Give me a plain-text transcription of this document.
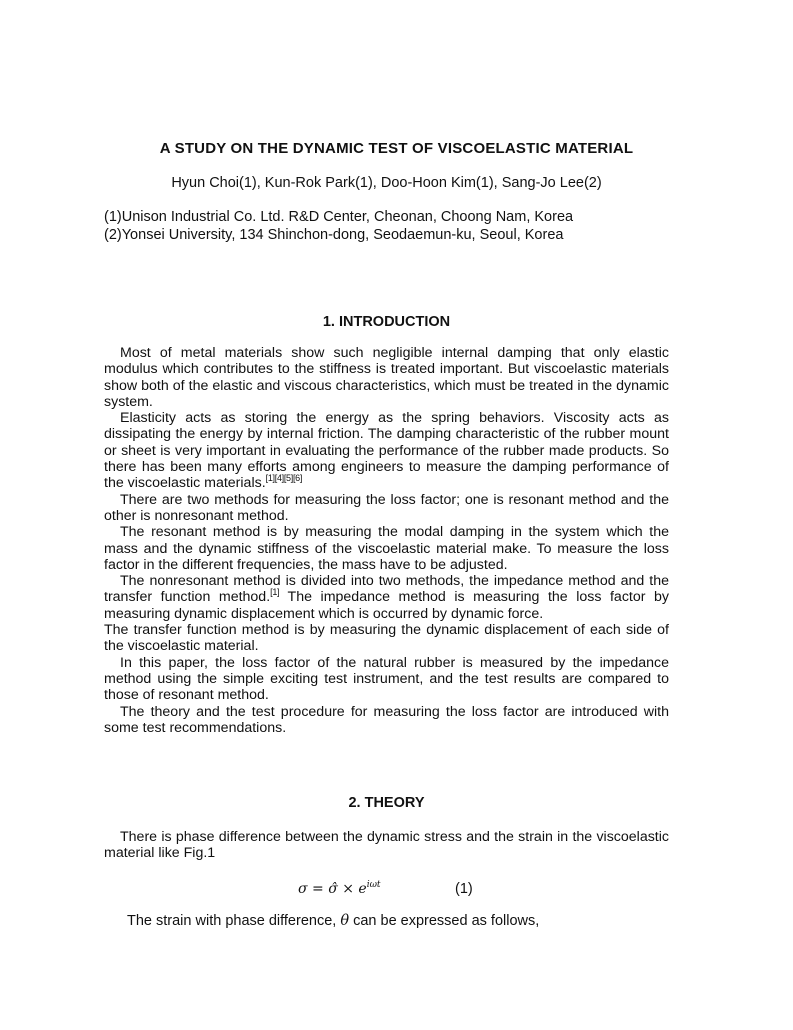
A STUDY ON THE DYNAMIC TEST OF VISCOELASTIC MATERIAL
Hyun Choi(1), Kun-Rok Park(1), Doo-Hoon Kim(1), Sang-Jo Lee(2)
(1)Unison Industrial Co. Ltd. R&D Center, Cheonan, Choong Nam, Korea
(2)Yonsei University, 134 Shinchon-dong, Seodaemun-ku, Seoul, Korea
1. INTRODUCTION

Most of metal materials show such negligible internal damping that only elastic modulus which contributes to the stiffness is treated important. But viscoelastic materials show both of the elastic and viscous characteristics, which must be treated in the dynamic system.

Elasticity acts as storing the energy as the spring behaviors. Viscosity acts as dissipating the energy by internal friction. The damping characteristic of the rubber mount or sheet is very important in evaluating the performance of the rubber made products. So there has been many efforts among engineers to measure the damping performance of the viscoelastic materials.[1][4][5][6]

There are two methods for measuring the loss factor; one is resonant method and the other is nonresonant method.

The resonant method is by measuring the modal damping in the system which the mass and the dynamic stiffness of the viscoelastic material make. To measure the loss factor in the different frequencies, the mass have to be adjusted.

The nonresonant method is divided into two methods, the impedance method and the transfer function method.[1] The impedance method is measuring the loss factor by measuring dynamic displacement which is occurred by dynamic force.

The transfer function method is by measuring the dynamic displacement of each side of the viscoelastic material.

In this paper, the loss factor of the natural rubber is measured by the impedance method using the simple exciting test instrument, and the test results are compared to those of resonant method.

The theory and the test procedure for measuring the loss factor are introduced with some test recommendations.

2. THEORY

There is phase difference between the dynamic stress and the strain in the viscoelastic material like Fig.1

σ = σ̂ × $e^{i\omega t}$	(1)
The strain with phase difference, θ can be expressed as follows,
